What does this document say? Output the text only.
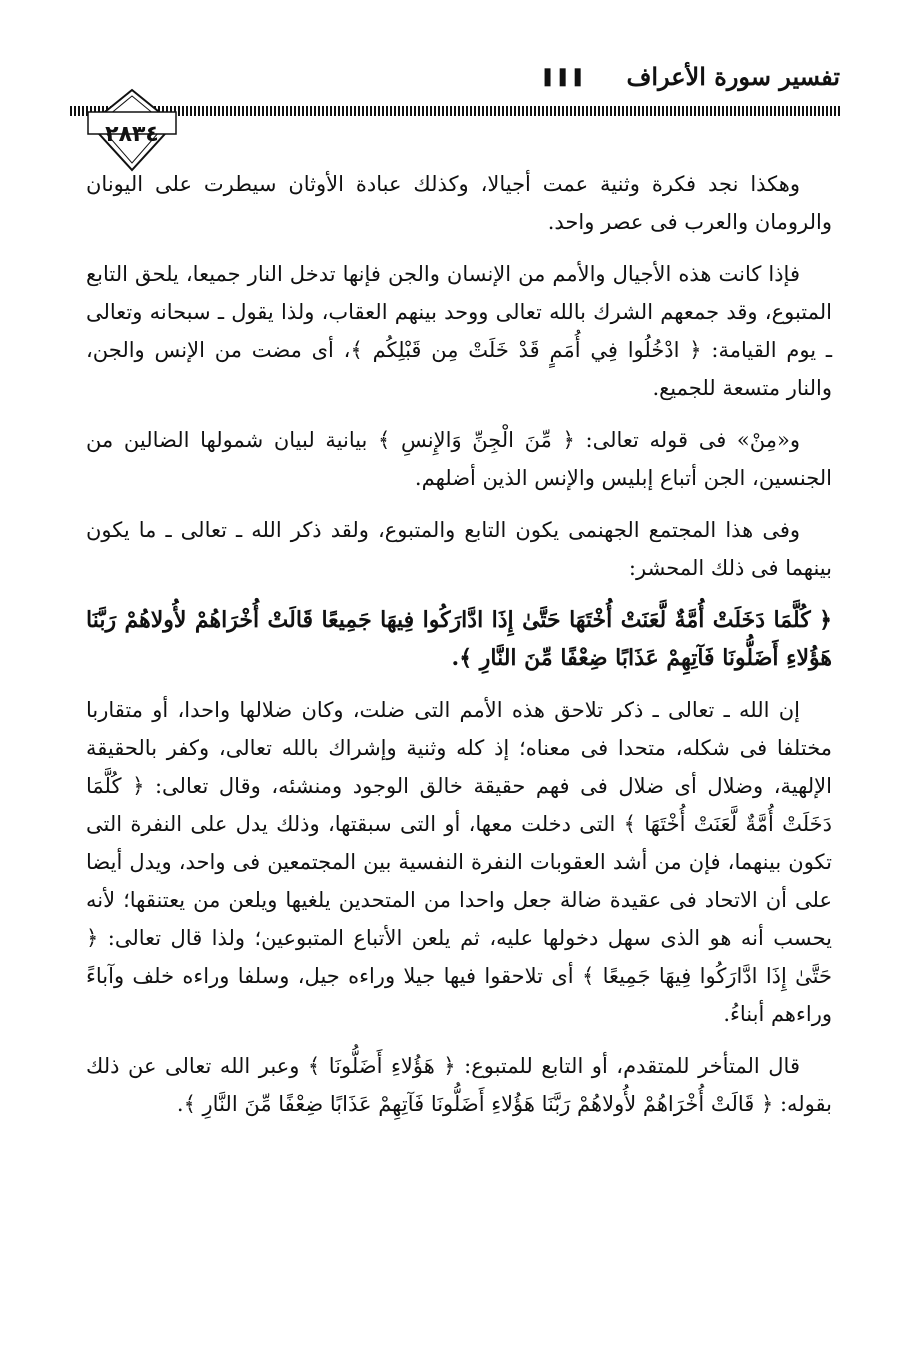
تفسير سورة الأعراف
❚❚❚
٢٨٣٤

وهكذا نجد فكرة وثنية عمت أجيالا، وكذلك عبادة الأوثان سيطرت على اليونان والرومان والعرب فى عصر واحد.

فإذا كانت هذه الأجيال والأمم من الإنسان والجن فإنها تدخل النار جميعا، يلحق التابع المتبوع، وقد جمعهم الشرك بالله تعالى ووحد بينهم العقاب، ولذا يقول ـ سبحانه وتعالى ـ يوم القيامة: ﴿ ادْخُلُوا فِي أُمَمٍ قَدْ خَلَتْ مِن قَبْلِكُم ﴾، أى مضت من الإنس والجن، والنار متسعة للجميع.

و«مِنْ» فى قوله تعالى: ﴿ مِّنَ الْجِنِّ وَالإِنسِ ﴾ بيانية لبيان شمولها الضالين من الجنسين، الجن أتباع إبليس والإنس الذين أضلهم.

وفى هذا المجتمع الجهنمى يكون التابع والمتبوع، ولقد ذكر الله ـ تعالى ـ ما يكون بينهما فى ذلك المحشر:

﴿ كُلَّمَا دَخَلَتْ أُمَّةٌ لَّعَنَتْ أُخْتَهَا حَتَّىٰ إِذَا ادَّارَكُوا فِيهَا جَمِيعًا قَالَتْ أُخْرَاهُمْ لأُولاهُمْ رَبَّنَا هَؤُلاءِ أَضَلُّونَا فَآتِهِمْ عَذَابًا ضِعْفًا مِّنَ النَّارِ ﴾.

إن الله ـ تعالى ـ ذكر تلاحق هذه الأمم التى ضلت، وكان ضلالها واحدا، أو متقاربا مختلفا فى شكله، متحدا فى معناه؛ إذ كله وثنية وإشراك بالله تعالى، وكفر بالحقيقة الإلهية، وضلال أى ضلال فى فهم حقيقة خالق الوجود ومنشئه، وقال تعالى: ﴿ كُلَّمَا دَخَلَتْ أُمَّةٌ لَّعَنَتْ أُخْتَهَا ﴾ التى دخلت معها، أو التى سبقتها، وذلك يدل على النفرة التى تكون بينهما، فإن من أشد العقوبات النفرة النفسية بين المجتمعين فى واحد، ويدل أيضا على أن الاتحاد فى عقيدة ضالة جعل واحدا من المتحدين يلغيها ويلعن من يعتنقها؛ لأنه يحسب أنه هو الذى سهل دخولها عليه، ثم يلعن الأتباع المتبوعين؛ ولذا قال تعالى: ﴿ حَتَّىٰ إِذَا ادَّارَكُوا فِيهَا جَمِيعًا ﴾ أى تلاحقوا فيها جيلا وراءه جيل، وسلفا وراءه خلف وآباءً وراءهم أبناءُ.

قال المتأخر للمتقدم، أو التابع للمتبوع: ﴿ هَؤُلاءِ أَضَلُّونَا ﴾ وعبر الله تعالى عن ذلك بقوله: ﴿ قَالَتْ أُخْرَاهُمْ لأُولاهُمْ رَبَّنَا هَؤُلاءِ أَضَلُّونَا فَآتِهِمْ عَذَابًا ضِعْفًا مِّنَ النَّارِ ﴾.
